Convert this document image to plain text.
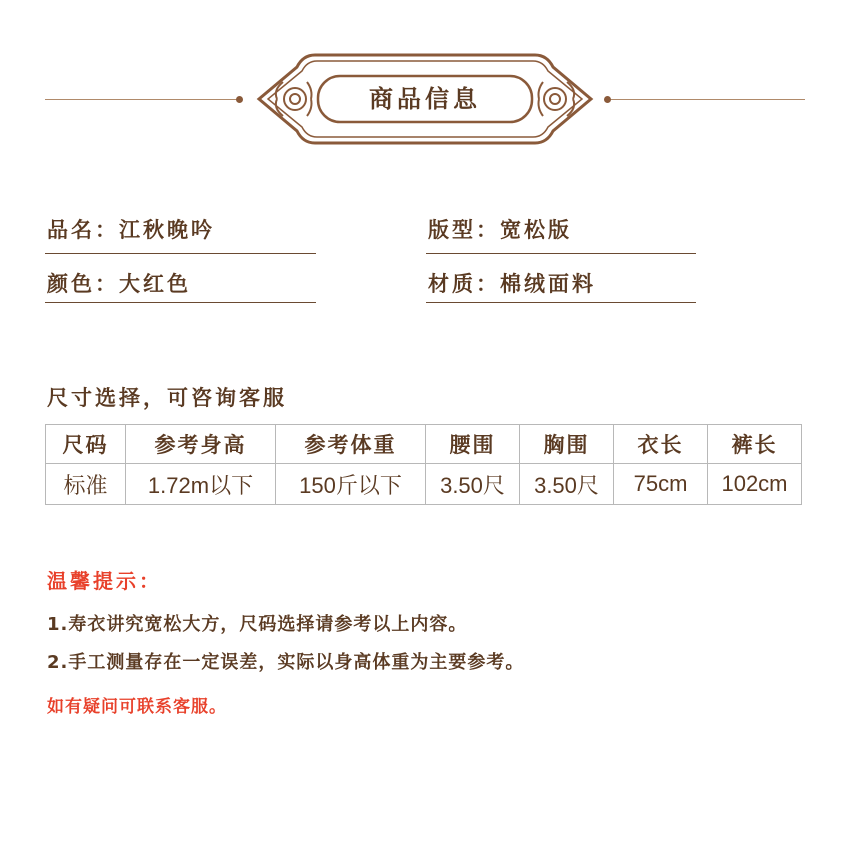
商品信息
品名：江秋晚吟	版型：宽松版
颜色：大红色	材质：棉绒面料
尺寸选择，可咨询客服
尺码	参考身高	参考体重	腰围	胸围	衣长	裤长
标准	1.72m以下	150斤以下	3.50尺	3.50尺	75cm	102cm
温馨提示：
1.寿衣讲究宽松大方，尺码选择请参考以上内容。
2.手工测量存在一定误差，实际以身高体重为主要参考。
如有疑问可联系客服。
